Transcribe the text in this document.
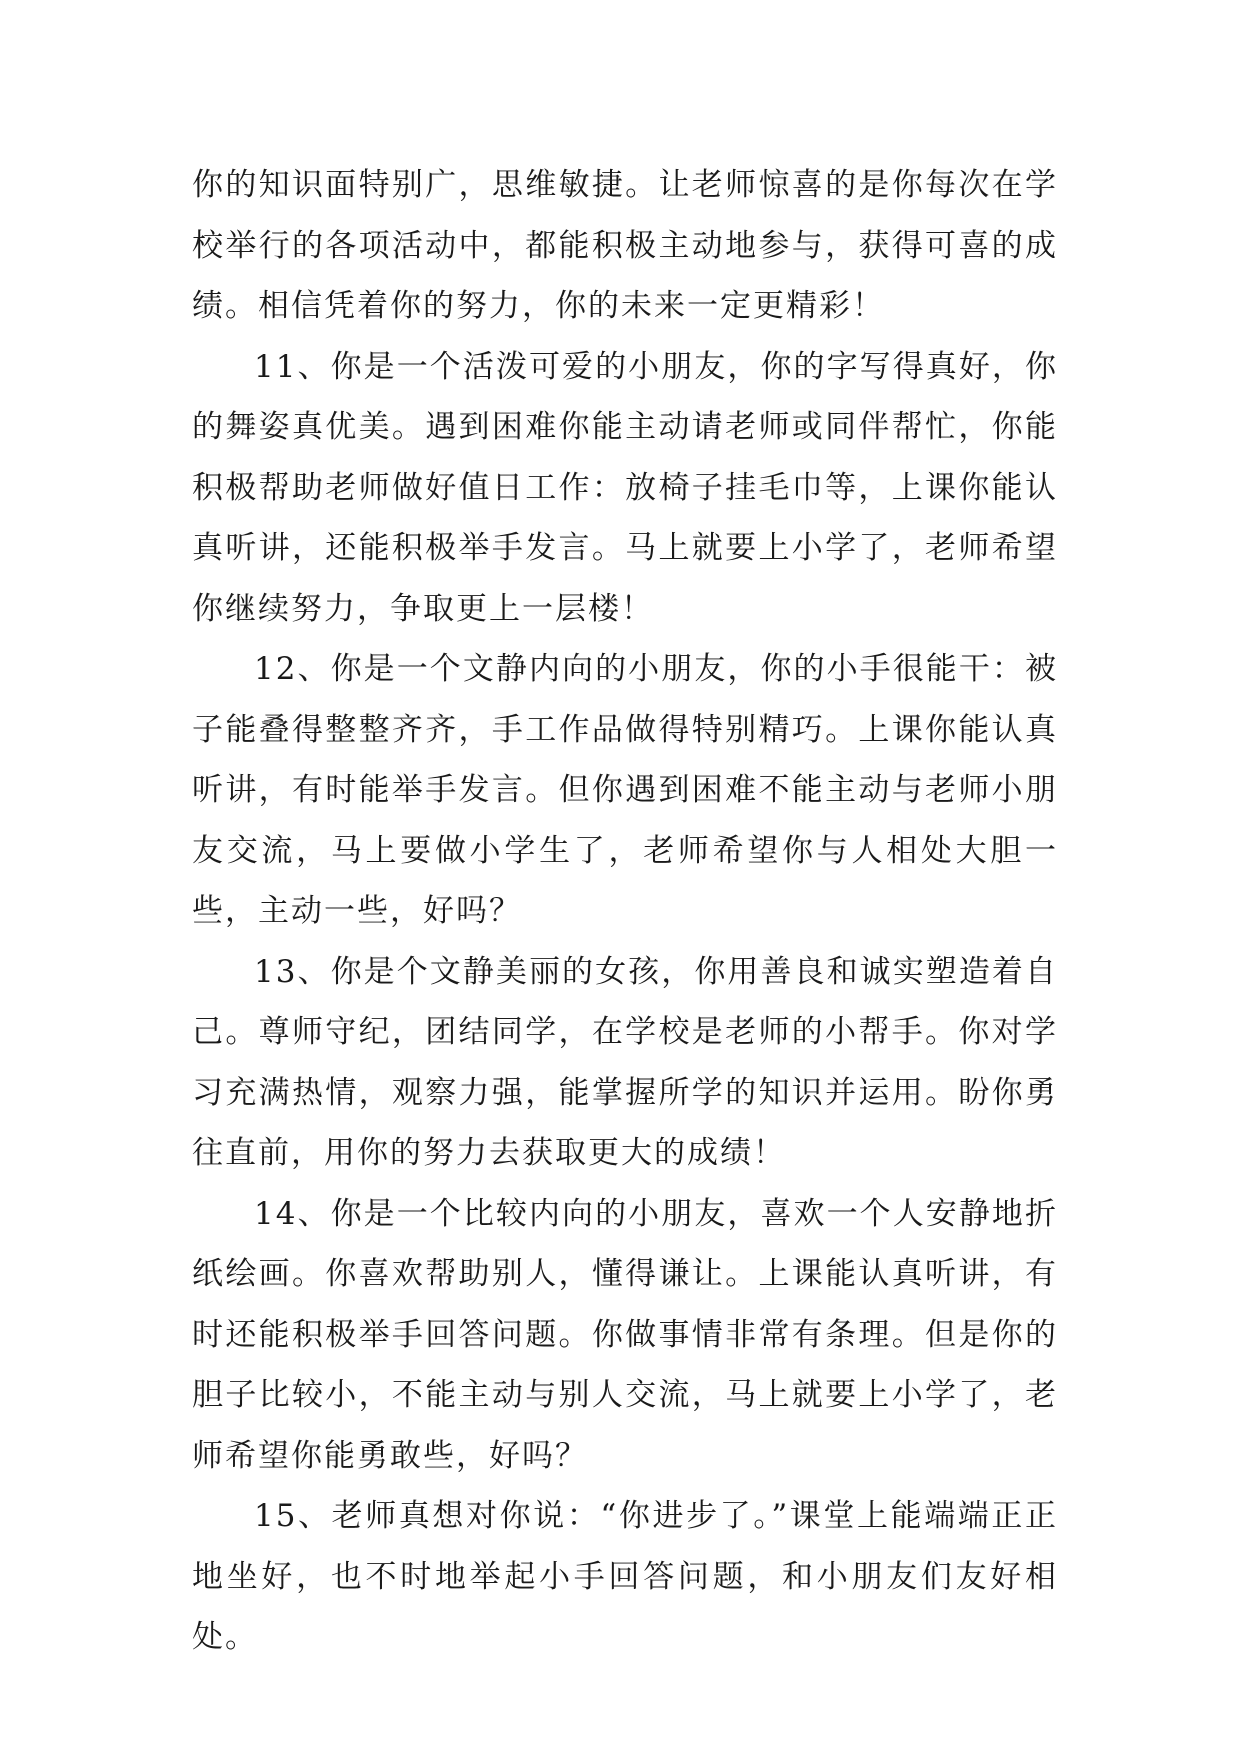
你的知识面特别广，思维敏捷。让老师惊喜的是你每次在学校举行的各项活动中，都能积极主动地参与，获得可喜的成绩。相信凭着你的努力，你的未来一定更精彩！

11、你是一个活泼可爱的小朋友，你的字写得真好，你的舞姿真优美。遇到困难你能主动请老师或同伴帮忙，你能积极帮助老师做好值日工作：放椅子挂毛巾等，上课你能认真听讲，还能积极举手发言。马上就要上小学了，老师希望你继续努力，争取更上一层楼！

12、你是一个文静内向的小朋友，你的小手很能干：被子能叠得整整齐齐，手工作品做得特别精巧。上课你能认真听讲，有时能举手发言。但你遇到困难不能主动与老师小朋友交流，马上要做小学生了，老师希望你与人相处大胆一些，主动一些，好吗？

13、你是个文静美丽的女孩，你用善良和诚实塑造着自己。尊师守纪，团结同学，在学校是老师的小帮手。你对学习充满热情，观察力强，能掌握所学的知识并运用。盼你勇往直前，用你的努力去获取更大的成绩！

14、你是一个比较内向的小朋友，喜欢一个人安静地折纸绘画。你喜欢帮助别人，懂得谦让。上课能认真听讲，有时还能积极举手回答问题。你做事情非常有条理。但是你的胆子比较小，不能主动与别人交流，马上就要上小学了，老师希望你能勇敢些，好吗？

15、老师真想对你说：“你进步了。”课堂上能端端正正地坐好，也不时地举起小手回答问题，和小朋友们友好相处。
